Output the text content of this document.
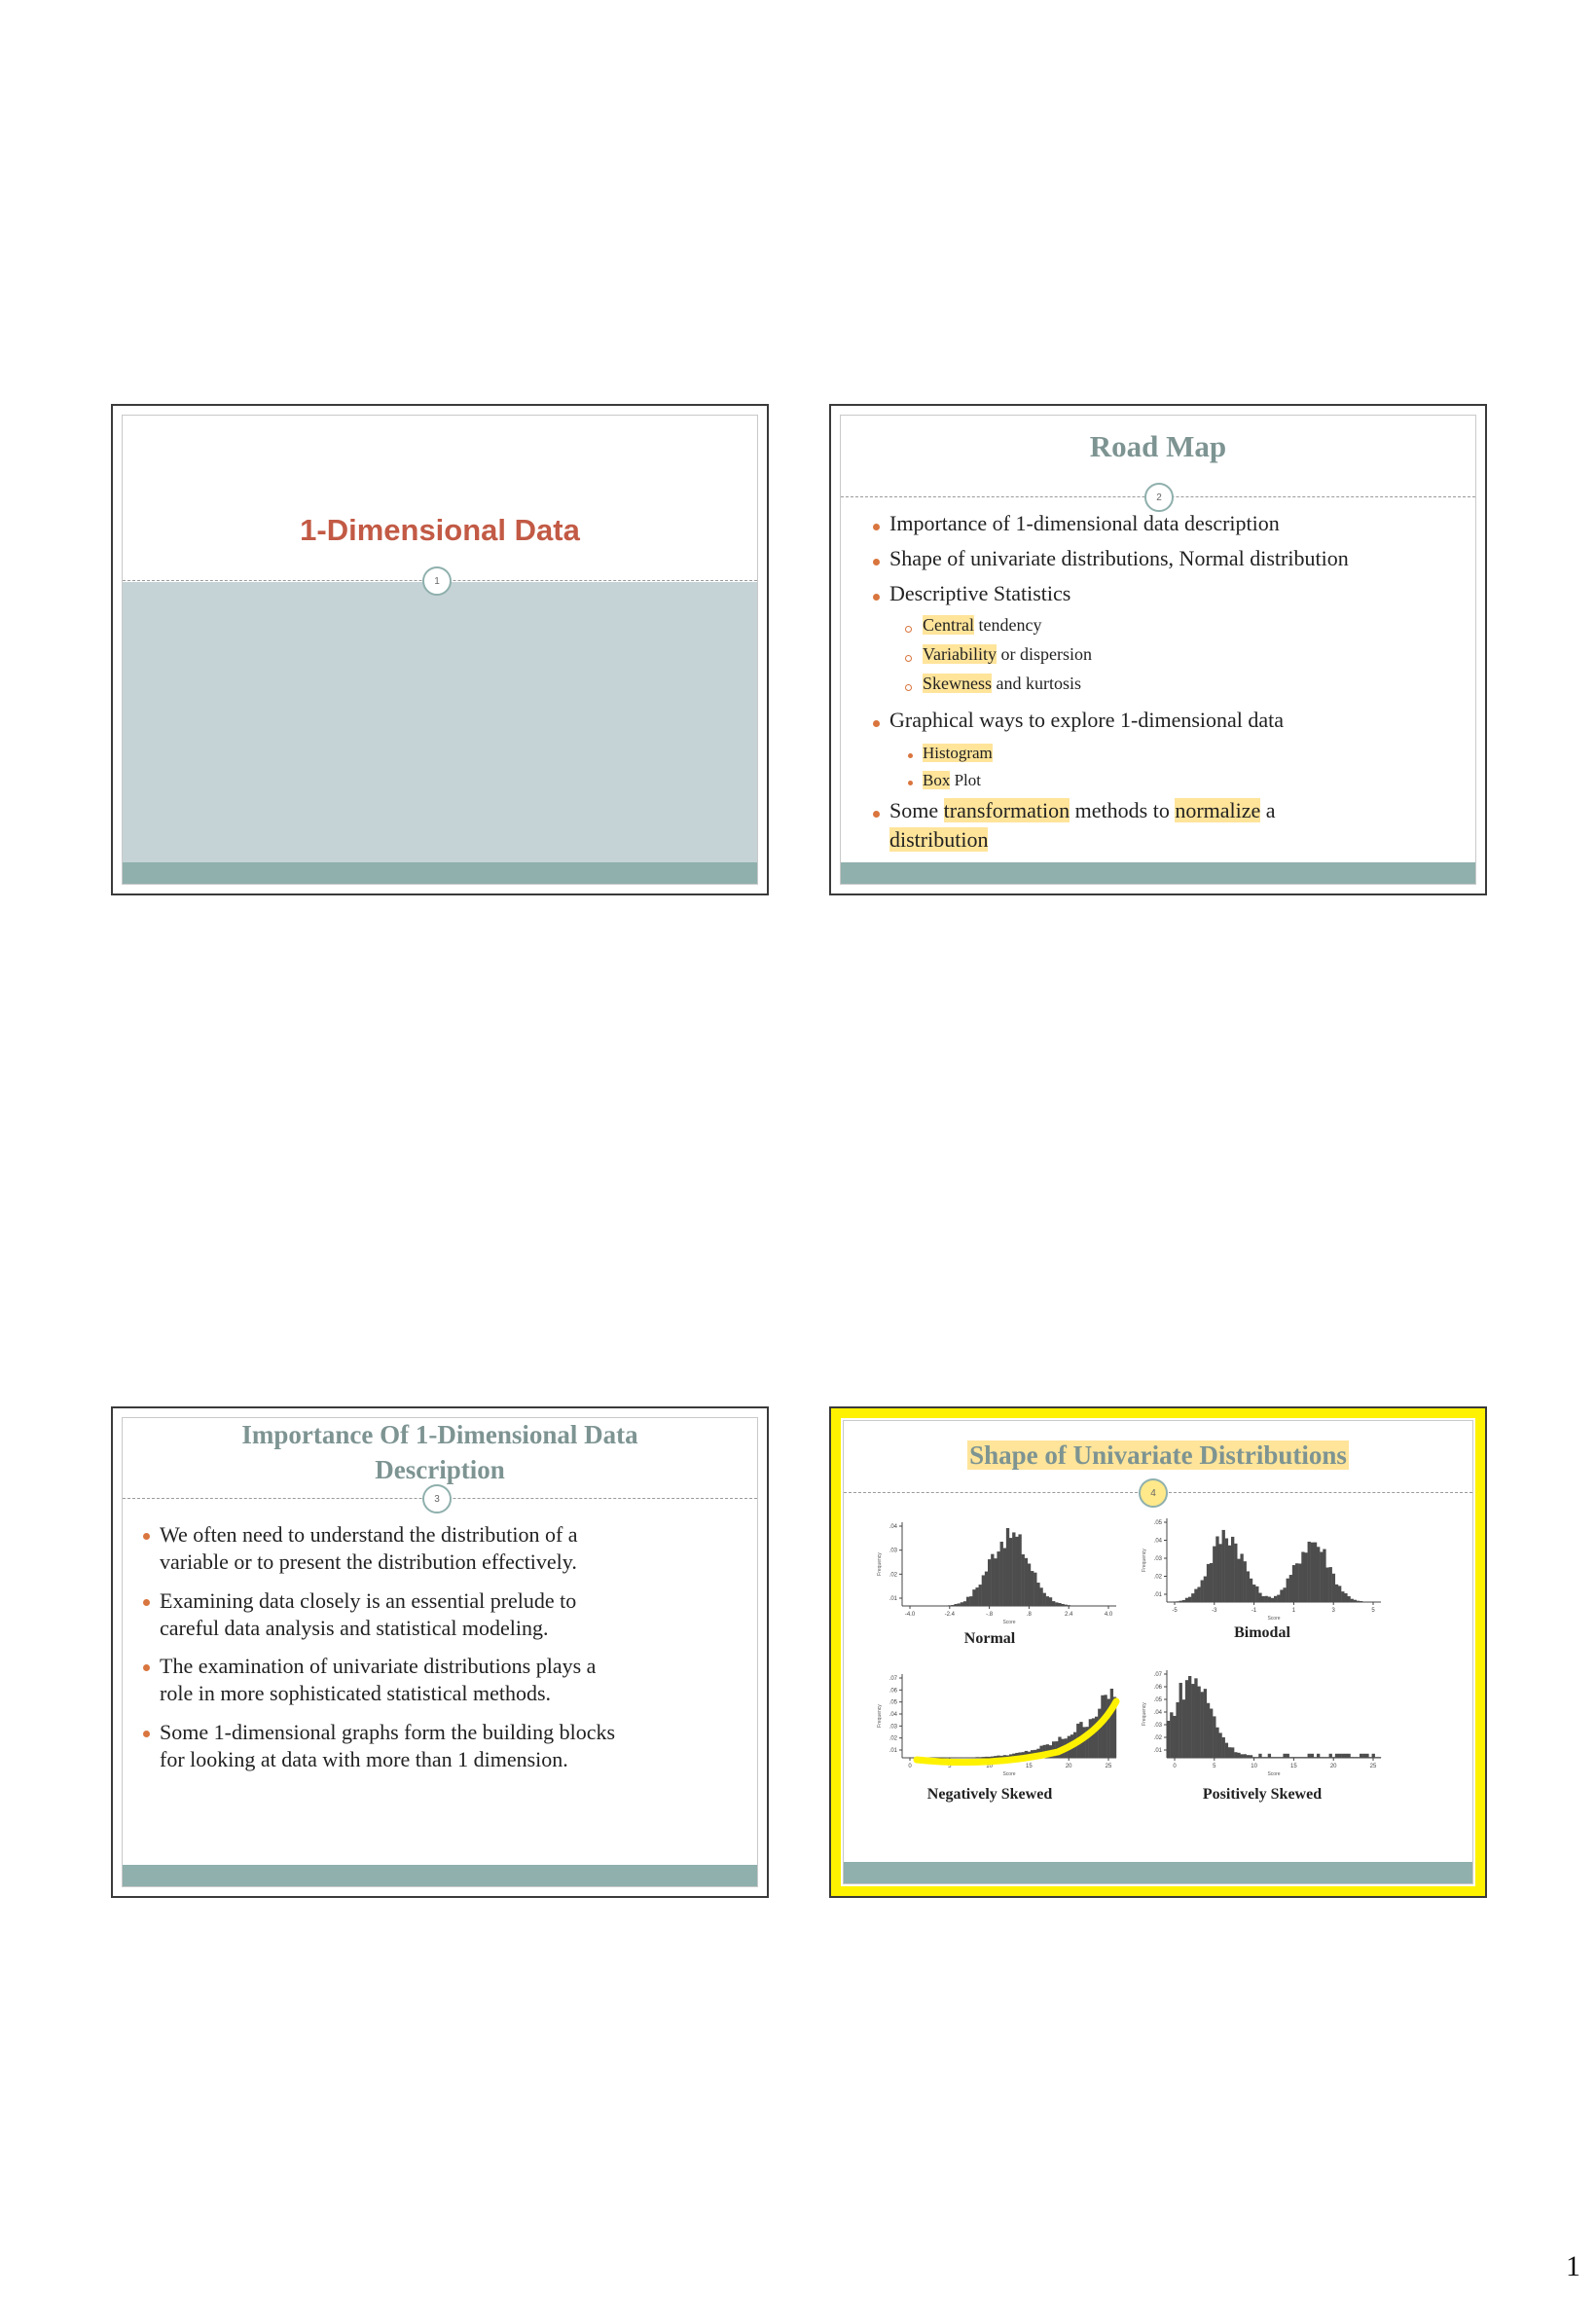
1-Dimensional Data
1
Road Map
2
Importance of 1-dimensional data description
Shape of univariate distributions, Normal distribution
Descriptive Statistics
Central tendency
Variability or dispersion
Skewness and kurtosis
Graphical ways to explore 1-dimensional data
Histogram
Box Plot
Some transformation methods to normalize a
distribution
Importance Of 1-Dimensional Data
Description
3
We often need to understand the distribution of a
variable or to present the distribution effectively.
Examining data closely is an essential prelude to
careful data analysis and statistical modeling.
The examination of univariate distributions plays a
role in more sophisticated statistical methods.
Some 1-dimensional graphs form the building blocks
for looking at data with more than 1 dimension.
Shape of Univariate Distributions
4
.04
.03
.02
.01
-4.0	-2.4	-.8	.8	2.4	4.0
Score
Frequency
Normal
.05
.04
.03
.02
.01
-5	-3	-1	1	3	5
Score
Frequency
Bimodal
.07
.06
.05
.04
.03
.02
.01
0	5	10	15	20	25
Score
Frequency
Negatively Skewed
.07
.06
.05
.04
.03
.02
.01
0	5	10	15	20	25
Score
Frequency
Positively Skewed
1
